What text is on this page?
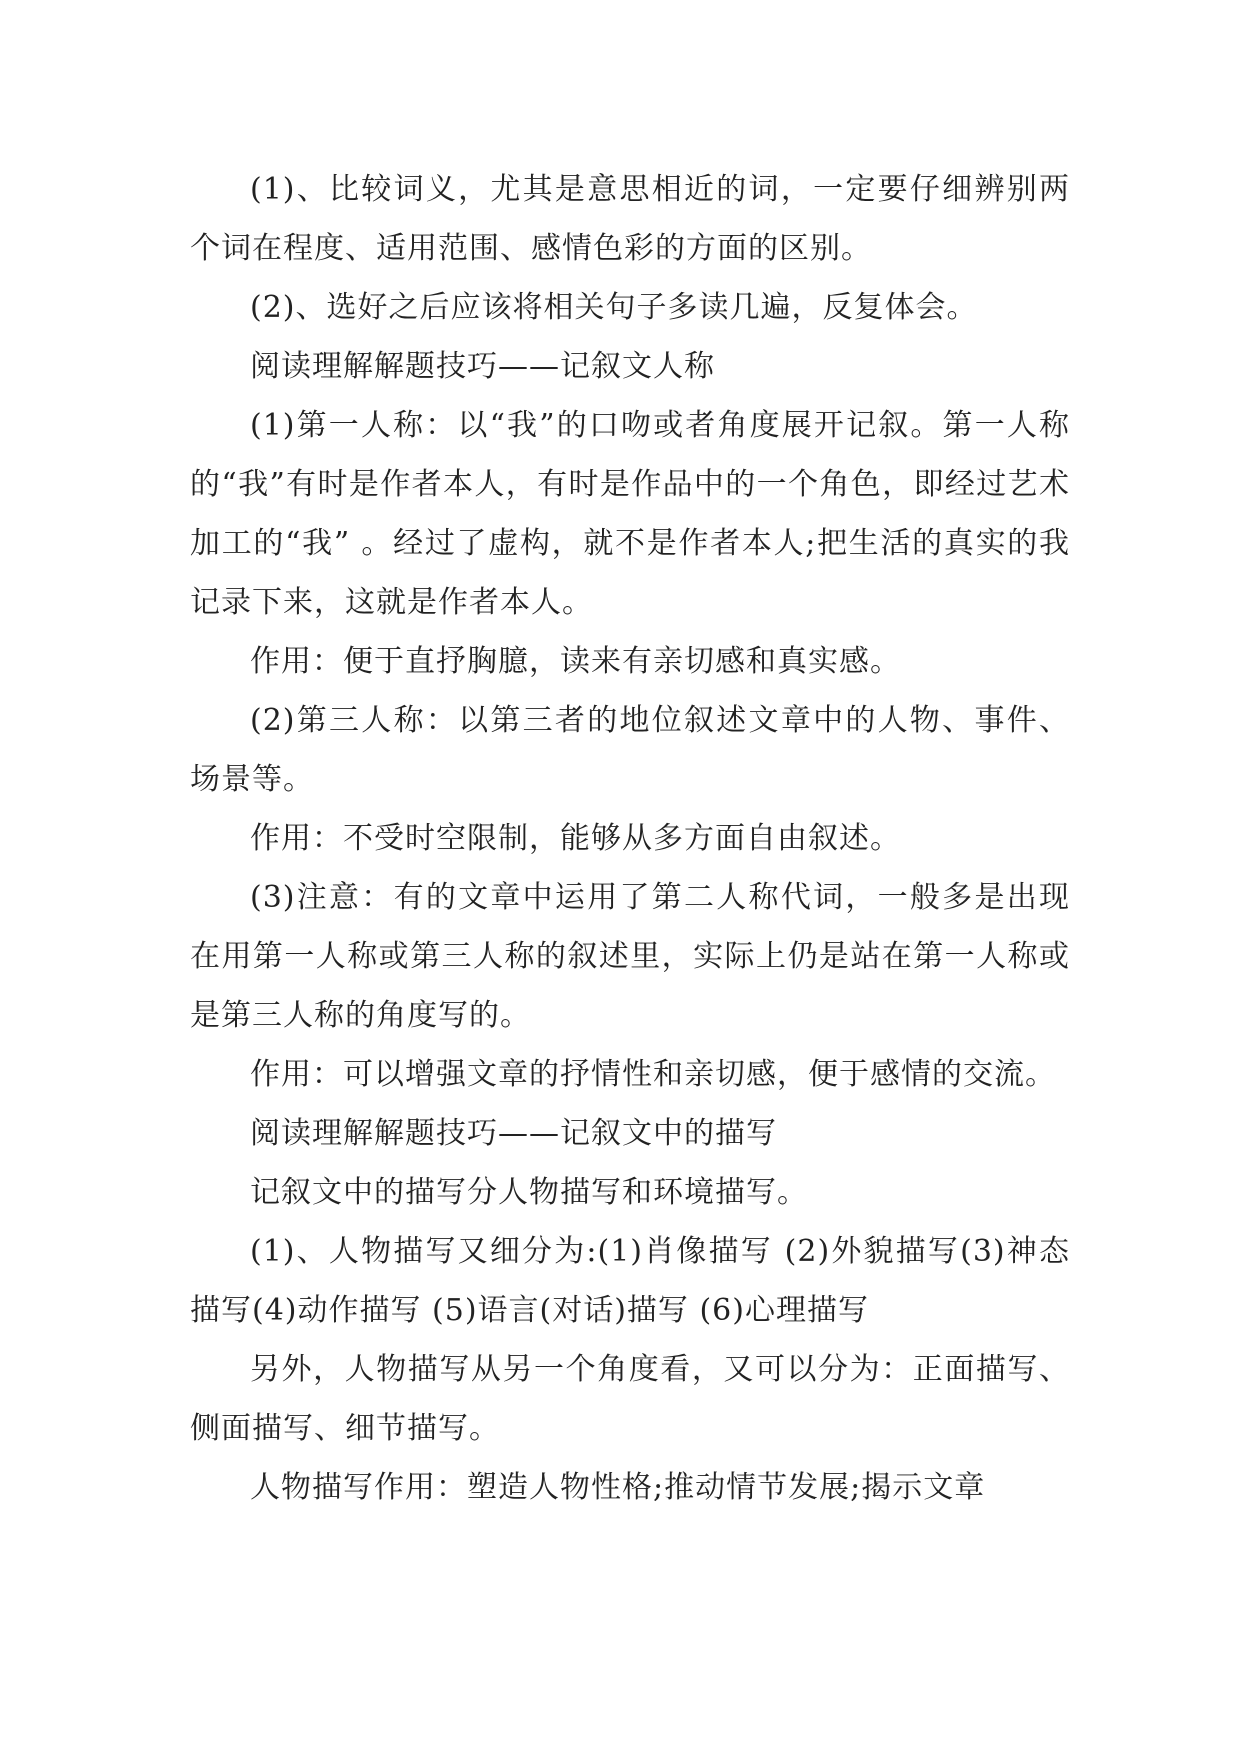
(1)、比较词义，尤其是意思相近的词，一定要仔细辨别两个词在程度、适用范围、感情色彩的方面的区别。

(2)、选好之后应该将相关句子多读几遍，反复体会。

阅读理解解题技巧——记叙文人称

(1)第一人称：以“我”的口吻或者角度展开记叙。第一人称的“我”有时是作者本人，有时是作品中的一个角色，即经过艺术加工的“我” 。经过了虚构，就不是作者本人;把生活的真实的我记录下来，这就是作者本人。

作用：便于直抒胸臆，读来有亲切感和真实感。

(2)第三人称：以第三者的地位叙述文章中的人物、事件、场景等。

作用：不受时空限制，能够从多方面自由叙述。

(3)注意：有的文章中运用了第二人称代词，一般多是出现在用第一人称或第三人称的叙述里，实际上仍是站在第一人称或是第三人称的角度写的。

作用：可以增强文章的抒情性和亲切感，便于感情的交流。

阅读理解解题技巧——记叙文中的描写

记叙文中的描写分人物描写和环境描写。

(1)、人物描写又细分为:(1)肖像描写 (2)外貌描写(3)神态描写(4)动作描写 (5)语言(对话)描写 (6)心理描写

另外，人物描写从另一个角度看，又可以分为：正面描写、侧面描写、细节描写。

人物描写作用：塑造人物性格;推动情节发展;揭示文章
